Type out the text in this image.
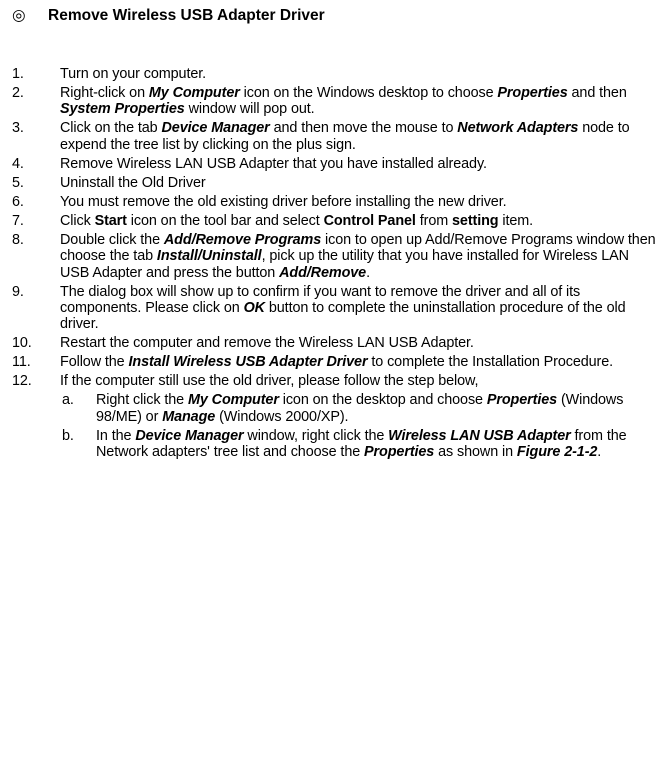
◎ Remove Wireless USB Adapter Driver
1.	Turn on your computer.
2.	Right-click on My Computer icon on the Windows desktop to choose Properties and then System Properties window will pop out.
3.	Click on the tab Device Manager and then move the mouse to Network Adapters node to expend the tree list by clicking on the plus sign.
4.	Remove Wireless LAN USB Adapter that you have installed already.
5.	Uninstall the Old Driver
6.	You must remove the old existing driver before installing the new driver.
7.	Click Start icon on the tool bar and select Control Panel from setting item.
8.	Double click the Add/Remove Programs icon to open up Add/Remove Programs window then choose the tab Install/Uninstall, pick up the utility that you have installed for Wireless LAN USB Adapter and press the button Add/Remove.
9.	The dialog box will show up to confirm if you want to remove the driver and all of its components. Please click on OK button to complete the uninstallation procedure of the old driver.
10.	Restart the computer and remove the Wireless LAN USB Adapter.
11.	Follow the Install Wireless USB Adapter Driver to complete the Installation Procedure.
12.	If the computer still use the old driver, please follow the step below,
a.	Right click the My Computer icon on the desktop and choose Properties (Windows 98/ME) or Manage (Windows 2000/XP).
b.	In the Device Manager window, right click the Wireless LAN USB Adapter from the Network adapters' tree list and choose the Properties as shown in Figure 2-1-2.
